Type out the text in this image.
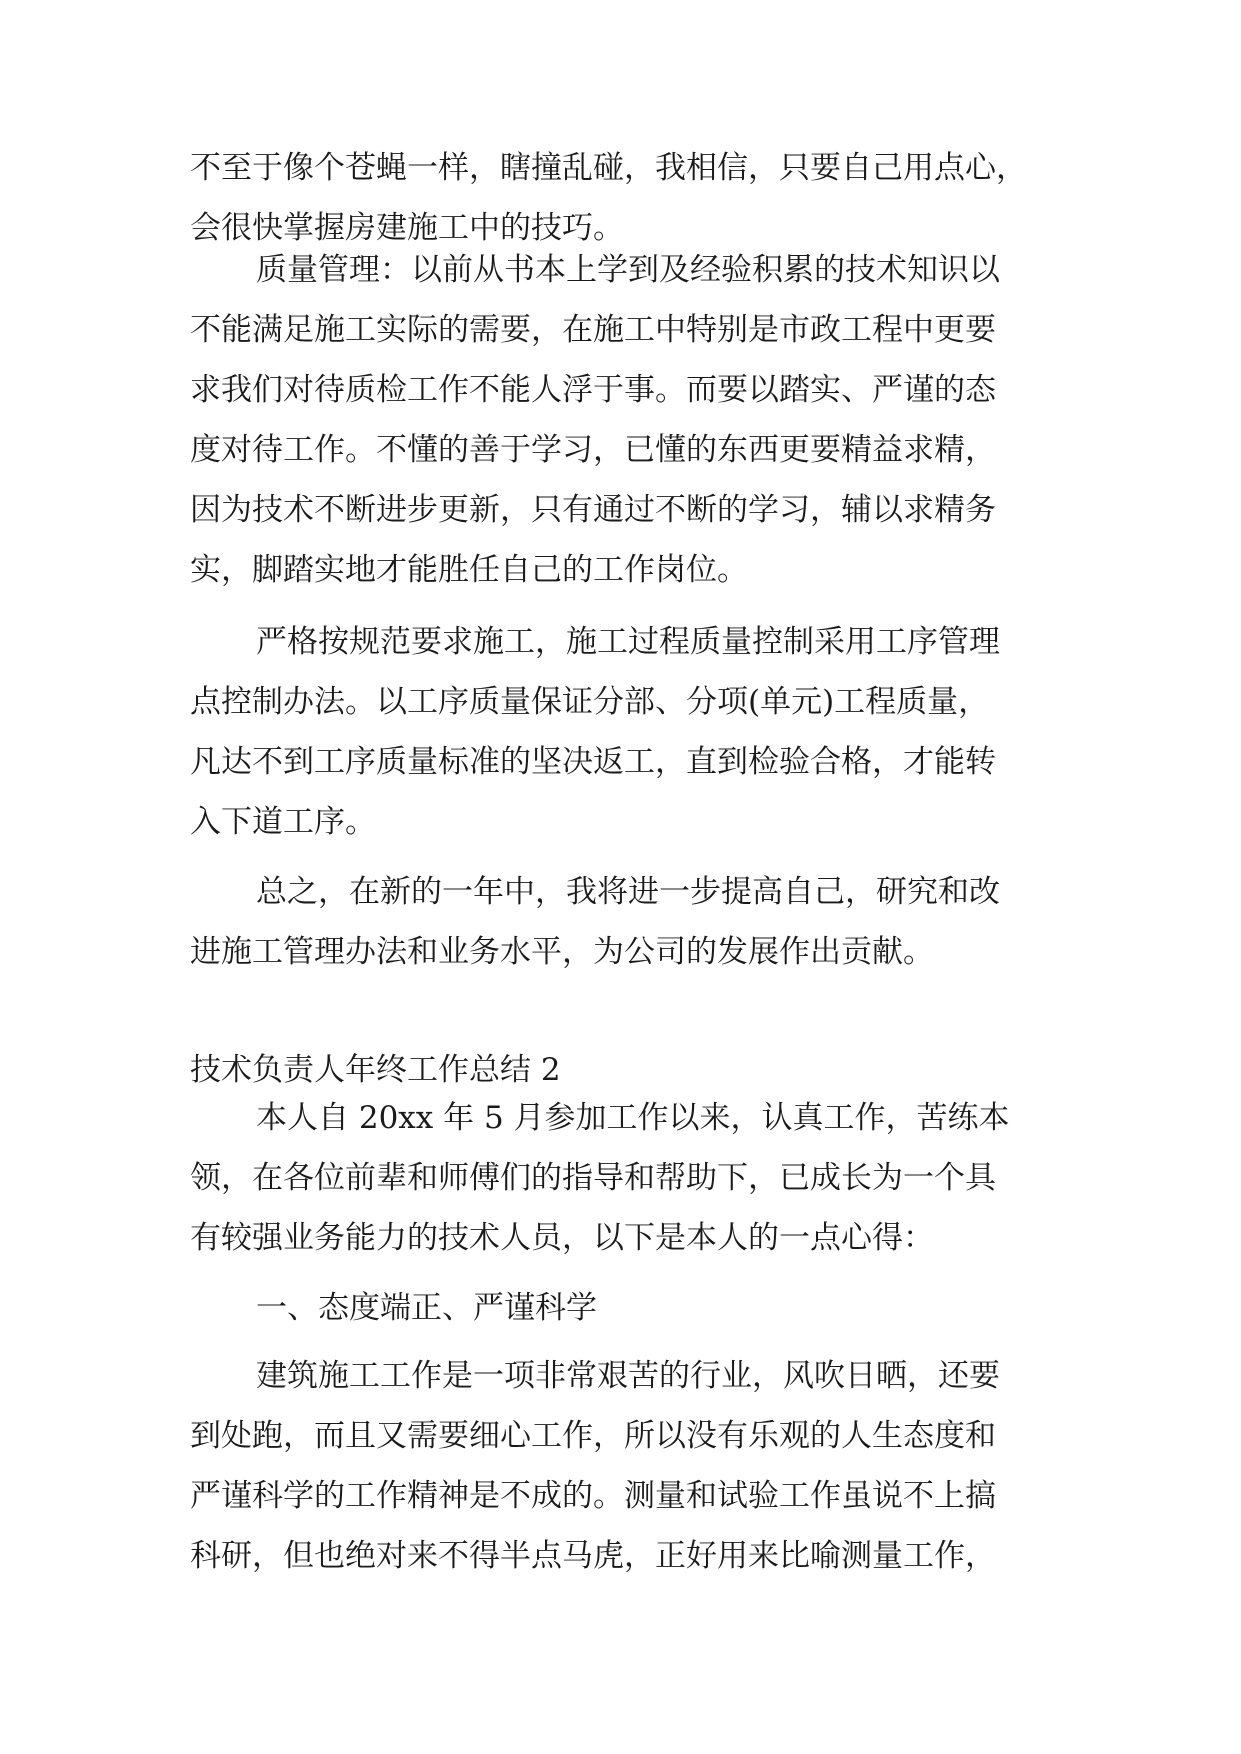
不至于像个苍蝇一样，瞎撞乱碰，我相信，只要自己用点心，
会很快掌握房建施工中的技巧。
质量管理：以前从书本上学到及经验积累的技术知识以
不能满足施工实际的需要，在施工中特别是市政工程中更要
求我们对待质检工作不能人浮于事。而要以踏实、严谨的态
度对待工作。不懂的善于学习，已懂的东西更要精益求精，
因为技术不断进步更新，只有通过不断的学习，辅以求精务
实，脚踏实地才能胜任自己的工作岗位。
严格按规范要求施工，施工过程质量控制采用工序管理
点控制办法。以工序质量保证分部、分项(单元)工程质量，
凡达不到工序质量标准的坚决返工，直到检验合格，才能转
入下道工序。
总之，在新的一年中，我将进一步提高自己，研究和改
进施工管理办法和业务水平，为公司的发展作出贡献。
技术负责人年终工作总结 2
本人自 20xx 年 5 月参加工作以来，认真工作，苦练本
领，在各位前辈和师傅们的指导和帮助下，已成长为一个具
有较强业务能力的技术人员，以下是本人的一点心得：
一、态度端正、严谨科学
建筑施工工作是一项非常艰苦的行业，风吹日晒，还要
到处跑，而且又需要细心工作，所以没有乐观的人生态度和
严谨科学的工作精神是不成的。测量和试验工作虽说不上搞
科研，但也绝对来不得半点马虎，正好用来比喻测量工作，
